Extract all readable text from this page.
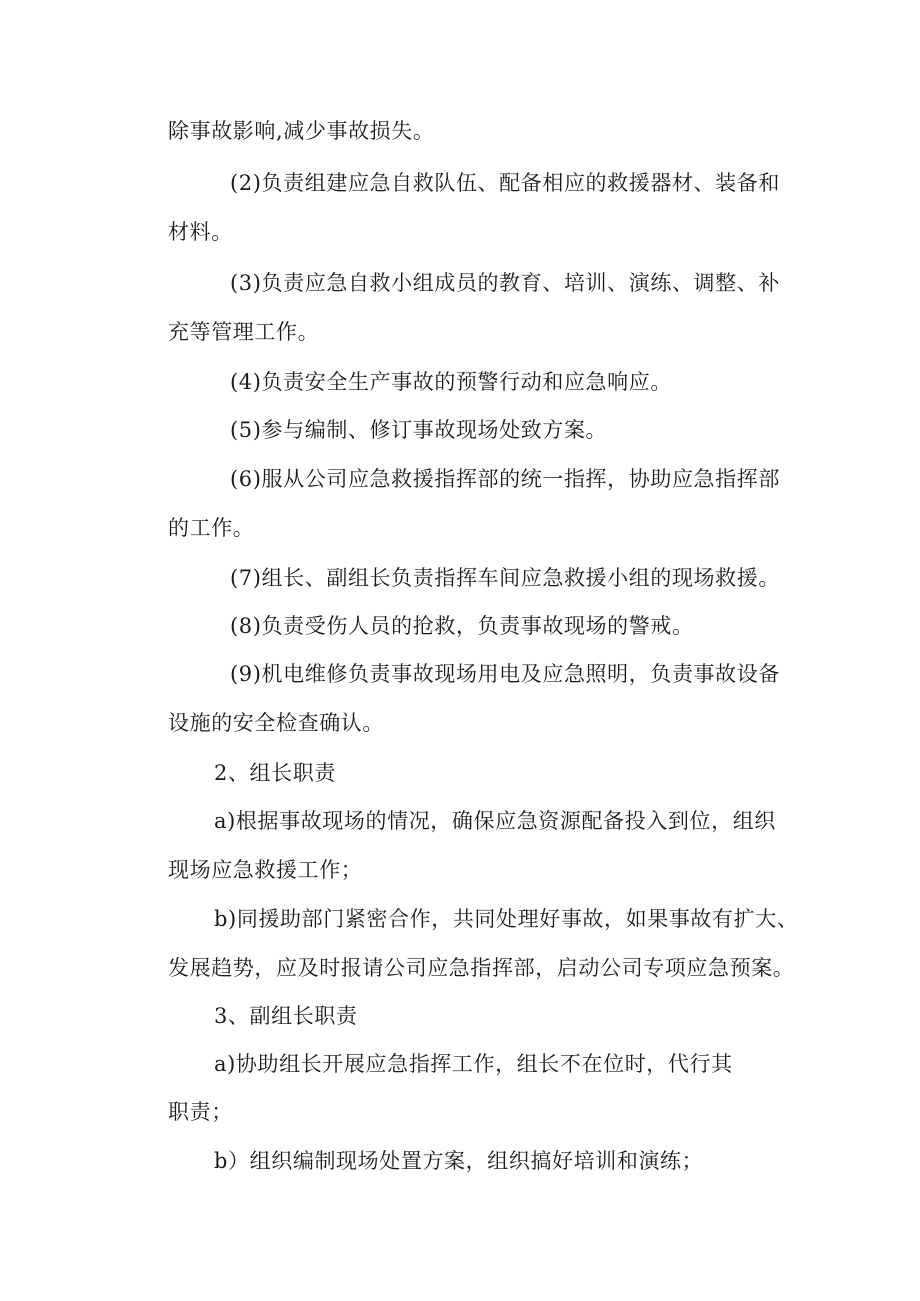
除事故影响,减少事故损失。
(2)负责组建应急自救队伍、配备相应的救援器材、装备和
材料。
(3)负责应急自救小组成员的教育、培训、演练、调整、补
充等管理工作。
(4)负责安全生产事故的预警行动和应急响应。
(5)参与编制、修订事故现场处致方案。
(6)服从公司应急救援指挥部的统一指挥，协助应急指挥部
的工作。
(7)组长、副组长负责指挥车间应急救援小组的现场救援。
(8)负责受伤人员的抢救，负责事故现场的警戒。
(9)机电维修负责事故现场用电及应急照明，负责事故设备
设施的安全检查确认。
2、组长职责
a)根据事故现场的情况，确保应急资源配备投入到位，组织
现场应急救援工作；
b)同援助部门紧密合作，共同处理好事故，如果事故有扩大、
发展趋势，应及时报请公司应急指挥部，启动公司专项应急预案。
3、副组长职责
a)协助组长开展应急指挥工作，组长不在位时，代行其
职责；
b）组织编制现场处置方案，组织搞好培训和演练；
